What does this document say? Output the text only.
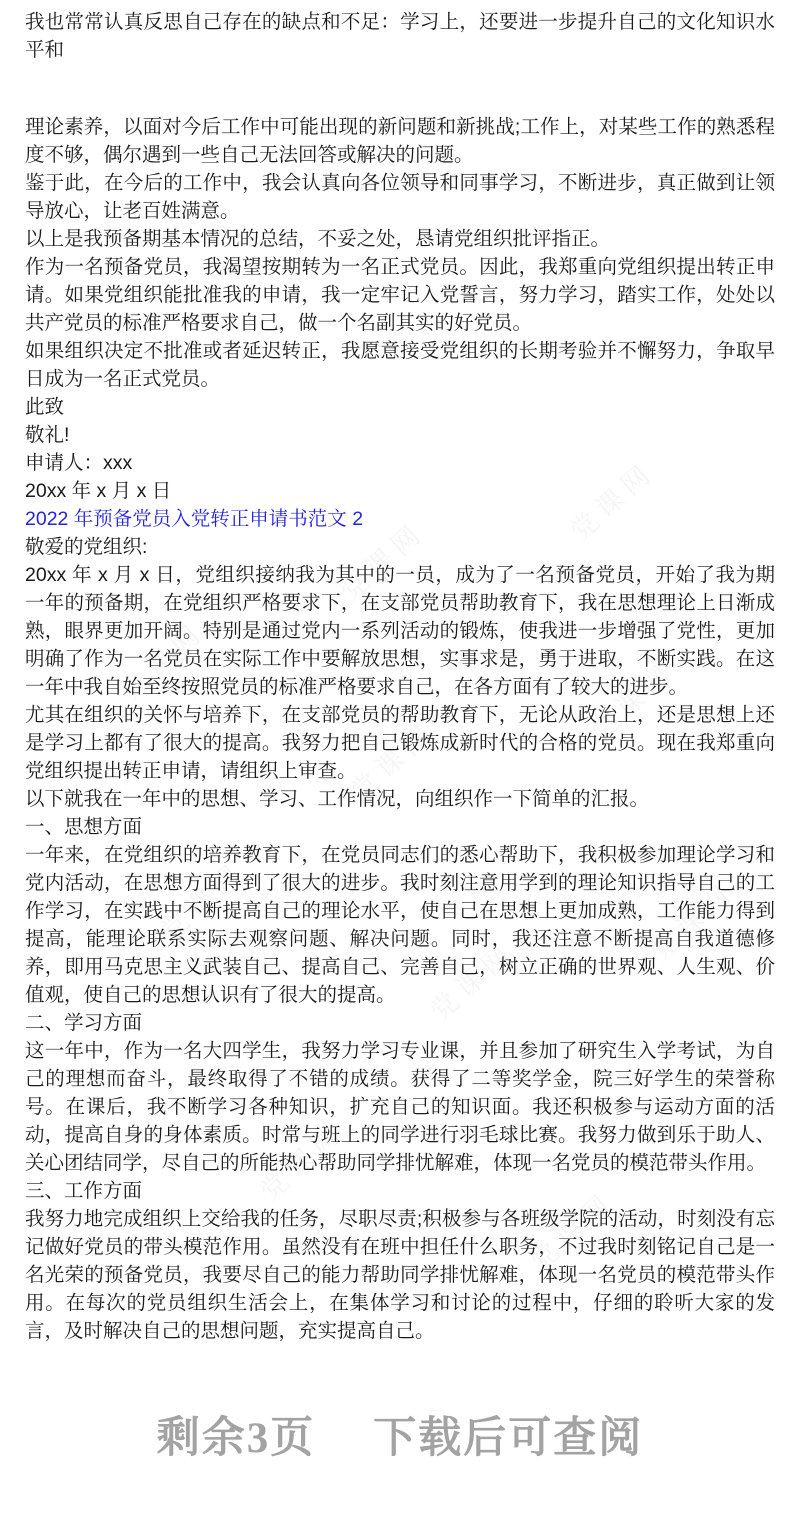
党课网
党课网
党课网
党课网
党课网
党课网
党课网
党课网
党课网
党课网

我也常常认真反思自己存在的缺点和不足：学习上，还要进一步提升自己的文化知识水平和

理论素养，以面对今后工作中可能出现的新问题和新挑战;工作上，对某些工作的熟悉程度不够，偶尔遇到一些自己无法回答或解决的问题。

鉴于此，在今后的工作中，我会认真向各位领导和同事学习，不断进步，真正做到让领导放心，让老百姓满意。

以上是我预备期基本情况的总结，不妥之处，恳请党组织批评指正。

作为一名预备党员，我渴望按期转为一名正式党员。因此，我郑重向党组织提出转正申请。如果党组织能批准我的申请，我一定牢记入党誓言，努力学习，踏实工作，处处以共产党员的标准严格要求自己，做一个名副其实的好党员。

如果组织决定不批准或者延迟转正，我愿意接受党组织的长期考验并不懈努力，争取早日成为一名正式党员。

此致

敬礼!

申请人：xxx

20xx 年 x 月 x 日

2022 年预备党员入党转正申请书范文 2

敬爱的党组织:

20xx 年 x 月 x 日，党组织接纳我为其中的一员，成为了一名预备党员，开始了我为期一年的预备期，在党组织严格要求下，在支部党员帮助教育下，我在思想理论上日渐成熟，眼界更加开阔。特别是通过党内一系列活动的锻炼，使我进一步增强了党性，更加明确了作为一名党员在实际工作中要解放思想，实事求是，勇于进取，不断实践。在这一年中我自始至终按照党员的标准严格要求自己，在各方面有了较大的进步。

尤其在组织的关怀与培养下，在支部党员的帮助教育下，无论从政治上，还是思想上还是学习上都有了很大的提高。我努力把自己锻炼成新时代的合格的党员。现在我郑重向党组织提出转正申请，请组织上审查。

以下就我在一年中的思想、学习、工作情况，向组织作一下简单的汇报。

一、思想方面

一年来，在党组织的培养教育下，在党员同志们的悉心帮助下，我积极参加理论学习和党内活动，在思想方面得到了很大的进步。我时刻注意用学到的理论知识指导自己的工作学习，在实践中不断提高自己的理论水平，使自己在思想上更加成熟，工作能力得到提高，能理论联系实际去观察问题、解决问题。同时，我还注意不断提高自我道德修养，即用马克思主义武装自己、提高自己、完善自己，树立正确的世界观、人生观、价值观，使自己的思想认识有了很大的提高。

二、学习方面

这一年中，作为一名大四学生，我努力学习专业课，并且参加了研究生入学考试，为自己的理想而奋斗，最终取得了不错的成绩。获得了二等奖学金，院三好学生的荣誉称号。在课后，我不断学习各种知识，扩充自己的知识面。我还积极参与运动方面的活动，提高自身的身体素质。时常与班上的同学进行羽毛球比赛。我努力做到乐于助人、关心团结同学，尽自己的所能热心帮助同学排忧解难，体现一名党员的模范带头作用。

三、工作方面

我努力地完成组织上交给我的任务，尽职尽责;积极参与各班级学院的活动，时刻没有忘记做好党员的带头模范作用。虽然没有在班中担任什么职务，不过我时刻铭记自己是一名光荣的预备党员，我要尽自己的能力帮助同学排忧解难，体现一名党员的模范带头作用。在每次的党员组织生活会上，在集体学习和讨论的过程中，仔细的聆听大家的发言，及时解决自己的思想问题，充实提高自己。

剩余3页 下载后可查阅
